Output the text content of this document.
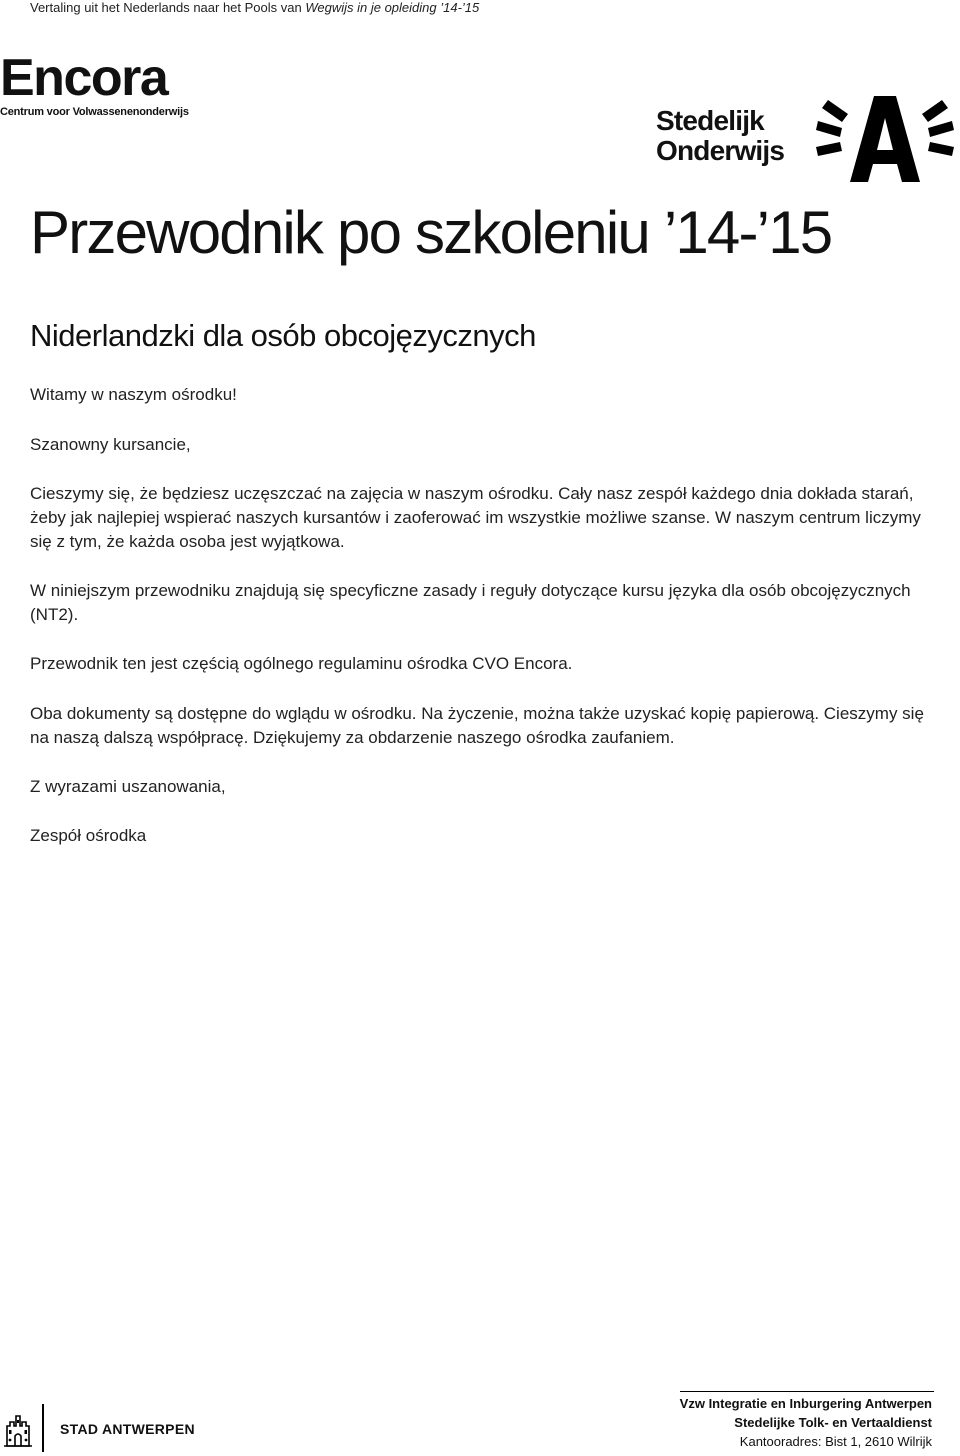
Vertaling uit het Nederlands naar het Pools van Wegwijs in je opleiding ’14-’15
Encora
Centrum voor Volwassenenonderwijs	Stedelijk
Onderwijs
Przewodnik po szkoleniu ’14-’15
Niderlandzki dla osób obcojęzycznych

Witamy w naszym ośrodku!

Szanowny kursancie,

Cieszymy się, że będziesz uczęszczać na zajęcia w naszym ośrodku. Cały nasz zespół każdego dnia dokłada starań, żeby jak najlepiej wspierać naszych kursantów i zaoferować im wszystkie możliwe szanse. W naszym centrum liczymy się z tym, że każda osoba jest wyjątkowa.

W niniejszym przewodniku znajdują się specyficzne zasady i reguły dotyczące kursu języka dla osób obcojęzycznych (NT2).

Przewodnik ten jest częścią ogólnego regulaminu ośrodka CVO Encora.

Oba dokumenty są dostępne do wglądu w ośrodku. Na życzenie, można także uzyskać kopię papierową. Cieszymy się na naszą dalszą współpracę. Dziękujemy za obdarzenie naszego ośrodka zaufaniem.

Z wyrazami uszanowania,

Zespół ośrodka

Vzw Integratie en Inburgering Antwerpen
Stedelijke Tolk- en Vertaaldienst
Kantooradres: Bist 1, 2610 Wilrijk
STAD ANTWERPEN
